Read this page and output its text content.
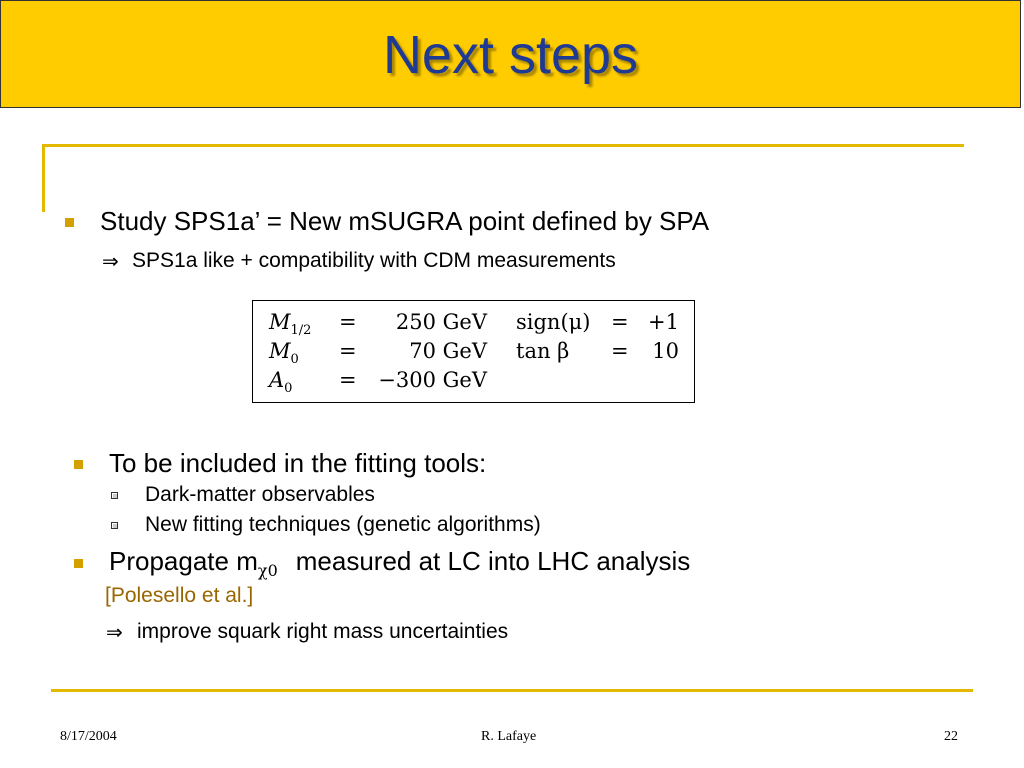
Next steps
Study SPS1a’ = New mSUGRA point defined by SPA
⇒ SPS1a like + compatibility with CDM measurements
$M_{1/2}$ =	250 GeV sign(μ) = +1
$M_0$ =	70 GeV tan β =	10
$A_0$ =	−300 GeV
To be included in the fitting tools:
Dark-matter observables
New fitting techniques (genetic algorithms)
Propagate $m_{\chi 0}$ measured at LC into LHC analysis
[Polesello et al.]
⇒ improve squark right mass uncertainties
8/17/2004	R. Lafaye	22
